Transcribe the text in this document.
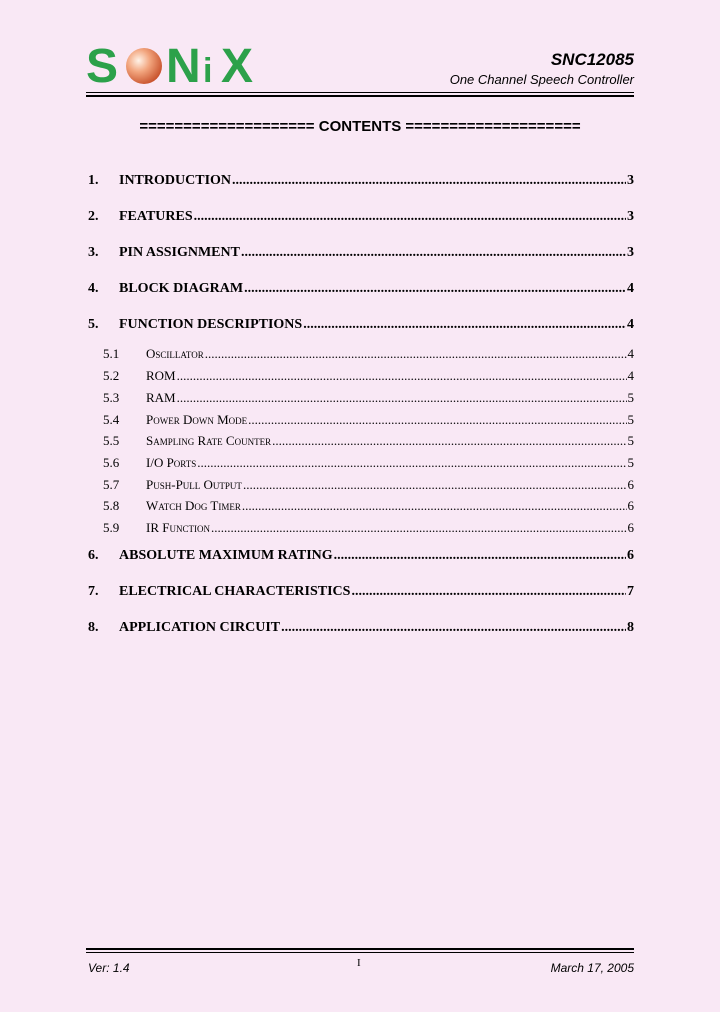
S N i X	SNC12085
One Channel Speech Controller
==================== CONTENTS ====================
1.	INTRODUCTION .....	3
2.	FEATURES .....	3
3.	PIN ASSIGNMENT .....	3
4.	BLOCK DIAGRAM .....	4
5.	FUNCTION DESCRIPTIONS .....	4
5.1	Oscillator .....	4
5.2	ROM .....	4
5.3	RAM .....	5
5.4	Power Down Mode .....	5
5.5	Sampling Rate Counter .....	5
5.6	I/O Ports .....	5
5.7	Push-Pull Output .....	6
5.8	Watch Dog Timer .....	6
5.9	IR Function .....	6
6.	ABSOLUTE MAXIMUM RATING .....	6
7.	ELECTRICAL CHARACTERISTICS .....	7
8.	APPLICATION CIRCUIT .....	8
Ver: 1.4	I	March 17, 2005
